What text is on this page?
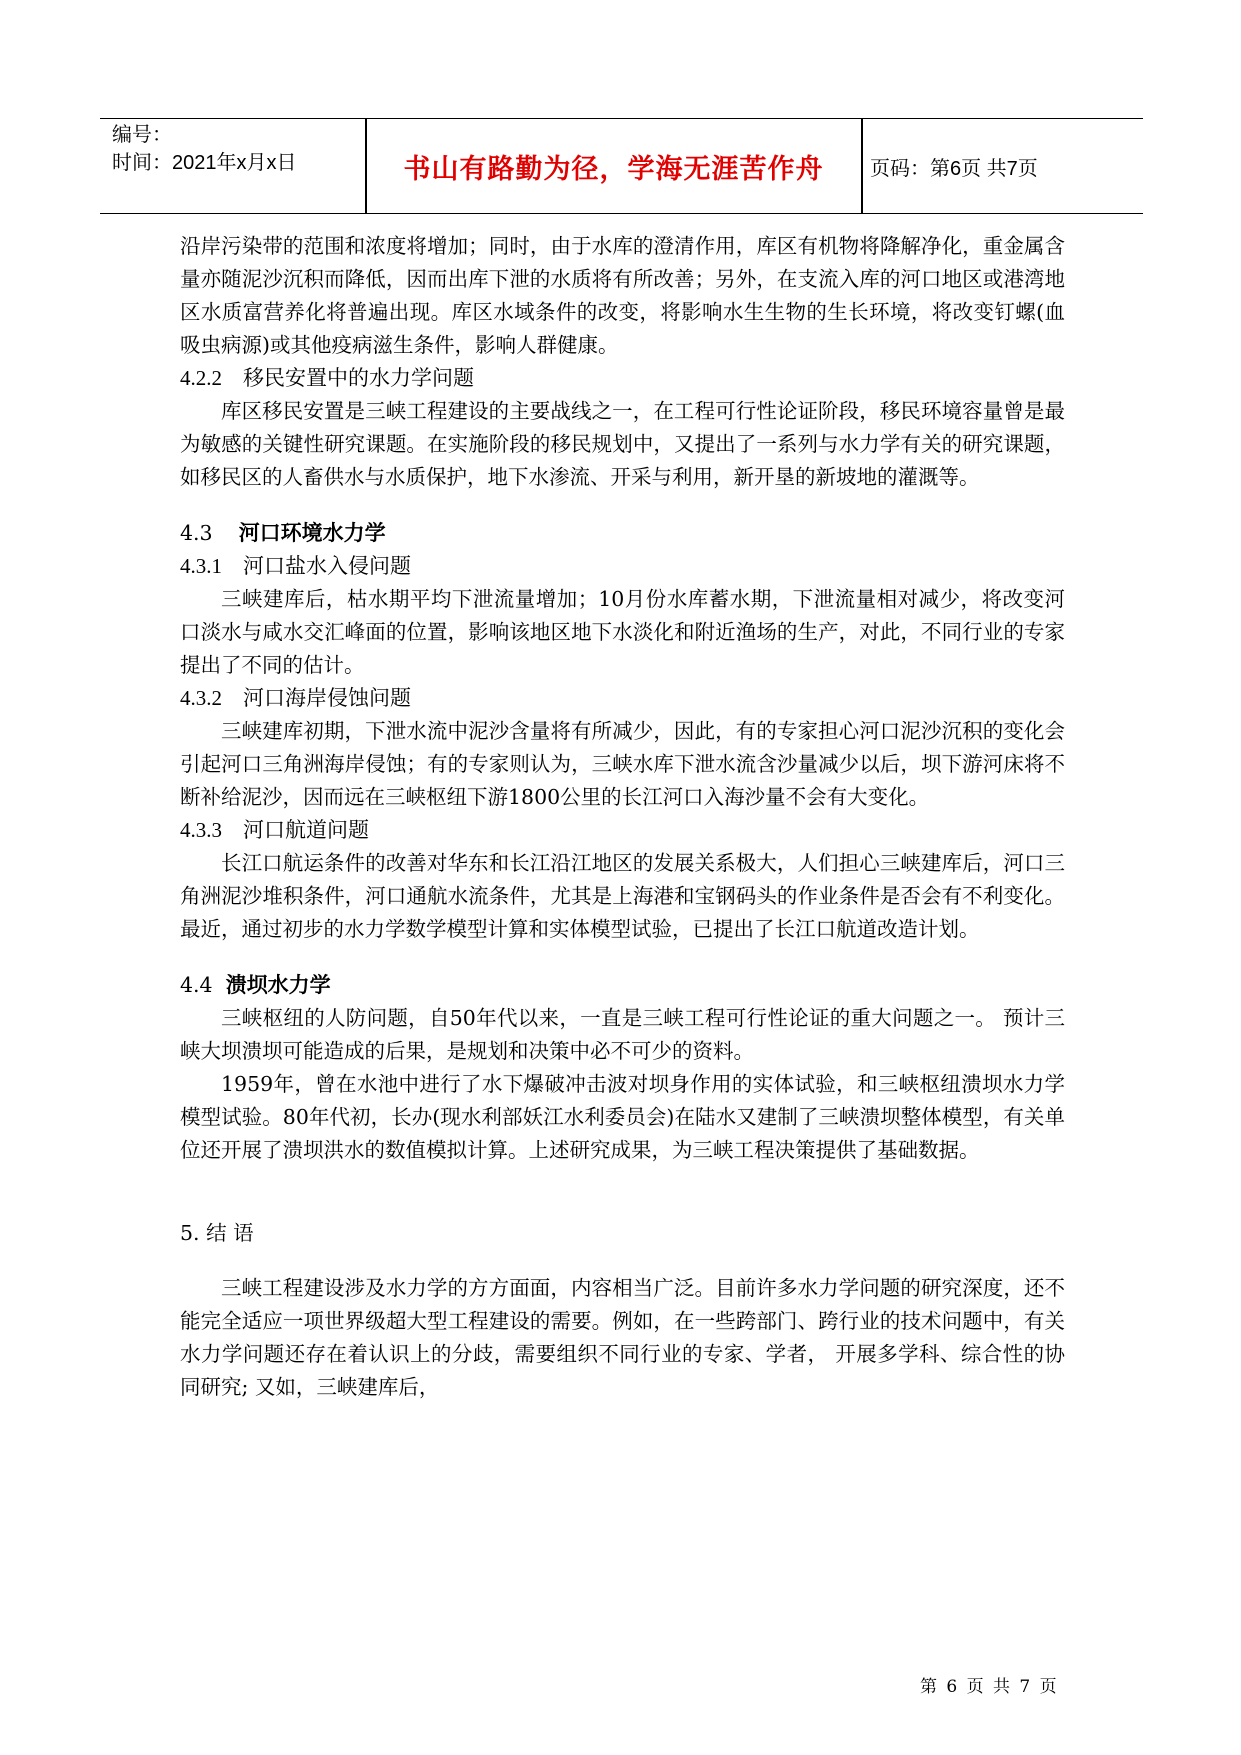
编号：
时间：2021年x月x日	书山有路勤为径，学海无涯苦作舟	页码：第6页 共7页

沿岸污染带的范围和浓度将增加；同时，由于水库的澄清作用，库区有机物将降解净化，重金属含量亦随泥沙沉积而降低，因而出库下泄的水质将有所改善；另外，在支流入库的河口地区或港湾地区水质富营养化将普遍出现。库区水域条件的改变，将影响水生生物的生长环境，将改变钉螺(血吸虫病源)或其他疫病滋生条件，影响人群健康。

4.2.2　移民安置中的水力学问题

库区移民安置是三峡工程建设的主要战线之一，在工程可行性论证阶段，移民环境容量曾是最为敏感的关键性研究课题。在实施阶段的移民规划中，又提出了一系列与水力学有关的研究课题，如移民区的人畜供水与水质保护，地下水渗流、开采与利用，新开垦的新坡地的灌溉等。

4.3 河口环境水力学

4.3.1　河口盐水入侵问题

三峡建库后，枯水期平均下泄流量增加；10月份水库蓄水期，下泄流量相对减少，将改变河口淡水与咸水交汇峰面的位置，影响该地区地下水淡化和附近渔场的生产，对此，不同行业的专家提出了不同的估计。

4.3.2　河口海岸侵蚀问题

三峡建库初期，下泄水流中泥沙含量将有所减少，因此，有的专家担心河口泥沙沉积的变化会引起河口三角洲海岸侵蚀；有的专家则认为，三峡水库下泄水流含沙量减少以后，坝下游河床将不断补给泥沙，因而远在三峡枢纽下游1800公里的长江河口入海沙量不会有大变化。

4.3.3　河口航道问题

长江口航运条件的改善对华东和长江沿江地区的发展关系极大，人们担心三峡建库后，河口三角洲泥沙堆积条件，河口通航水流条件，尤其是上海港和宝钢码头的作业条件是否会有不利变化。最近，通过初步的水力学数学模型计算和实体模型试验，已提出了长江口航道改造计划。

4.4 溃坝水力学

三峡枢纽的人防问题，自50年代以来，一直是三峡工程可行性论证的重大问题之一。 预计三峡大坝溃坝可能造成的后果，是规划和决策中必不可少的资料。

1959年，曾在水池中进行了水下爆破冲击波对坝身作用的实体试验，和三峡枢纽溃坝水力学模型试验。80年代初，长办(现水利部妖江水利委员会)在陆水又建制了三峡溃坝整体模型，有关单位还开展了溃坝洪水的数值模拟计算。上述研究成果，为三峡工程决策提供了基础数据。

5. 结 语

三峡工程建设涉及水力学的方方面面，内容相当广泛。目前许多水力学问题的研究深度，还不能完全适应一项世界级超大型工程建设的需要。例如，在一些跨部门、跨行业的技术问题中，有关水力学问题还存在着认识上的分歧，需要组织不同行业的专家、学者， 开展多学科、综合性的协同研究; 又如，三峡建库后，

第 6 页 共 7 页
